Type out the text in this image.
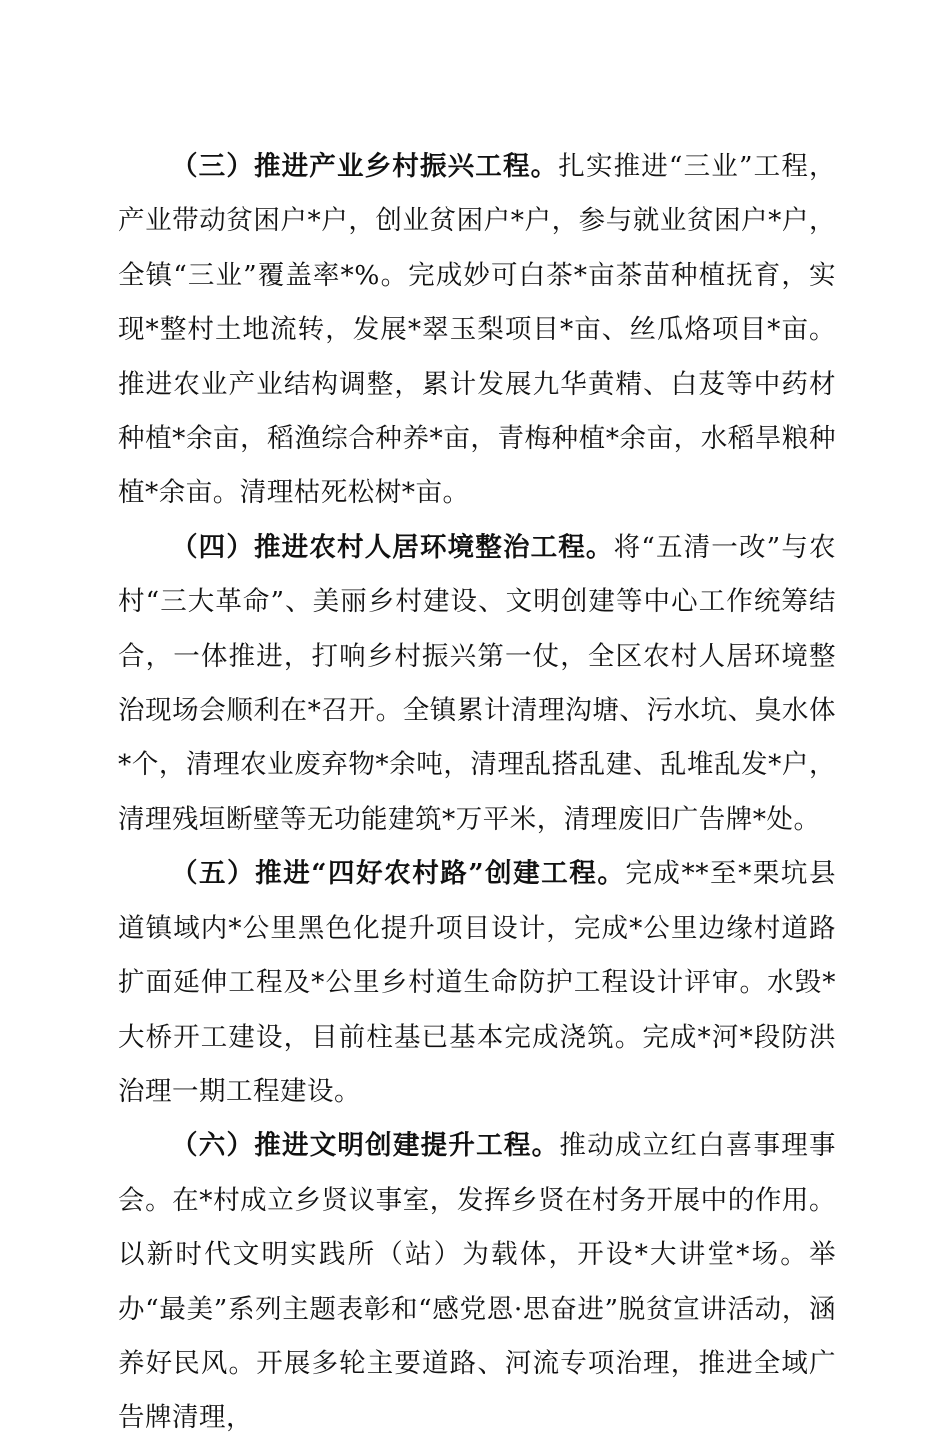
（三）推进产业乡村振兴工程。扎实推进“三业”工程，产业带动贫困户*户，创业贫困户*户，参与就业贫困户*户，全镇“三业”覆盖率*%。完成妙可白茶*亩茶苗种植抚育，实现*整村土地流转，发展*翠玉梨项目*亩、丝瓜烙项目*亩。推进农业产业结构调整，累计发展九华黄精、白芨等中药材种植*余亩，稻渔综合种养*亩，青梅种植*余亩，水稻旱粮种植*余亩。清理枯死松树*亩。

（四）推进农村人居环境整治工程。将“五清一改”与农村“三大革命”、美丽乡村建设、文明创建等中心工作统筹结合，一体推进，打响乡村振兴第一仗，全区农村人居环境整治现场会顺利在*召开。全镇累计清理沟塘、污水坑、臭水体*个，清理农业废弃物*余吨，清理乱搭乱建、乱堆乱发*户，清理残垣断壁等无功能建筑*万平米，清理废旧广告牌*处。

（五）推进“四好农村路”创建工程。完成**至*栗坑县道镇域内*公里黑色化提升项目设计，完成*公里边缘村道路扩面延伸工程及*公里乡村道生命防护工程设计评审。水毁*大桥开工建设，目前柱基已基本完成浇筑。完成*河*段防洪治理一期工程建设。

（六）推进文明创建提升工程。推动成立红白喜事理事会。在*村成立乡贤议事室，发挥乡贤在村务开展中的作用。以新时代文明实践所（站）为载体，开设*大讲堂*场。举办“最美”系列主题表彰和“感党恩·思奋进”脱贫宣讲活动，涵养好民风。开展多轮主要道路、河流专项治理，推进全域广告牌清理，
